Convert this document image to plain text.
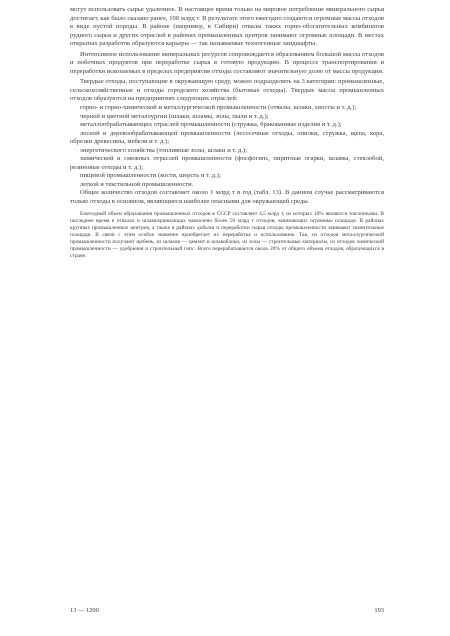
могут использовать сырье удаленное. В настоящее время только на мировое потребление минерального сырья достигает, как было сказано ранее, 100 млрд т. В результате этого ежегодно создаются огромные массы отходов в виде пустой породы. В районе (например, в Сибири) отвалы таких горно-обогатительных комбинатов рудного сырья и других отраслей в районах промышленных центров занимают огромные площади. В местах открытых разработок образуются карьеры — так называемые техногенные ландшафты.

Интенсивное использование минеральных ресурсов сопровождается образованием большой массы отходов и побочных продуктов при переработке сырья в готовую продукцию. В процессе транспортирования и переработки ископаемых в пределах предприятия отходы составляют значительную долю от массы продукции.

Твердые отходы, поступающие в окружающую среду, можно подразделить на 3 категории: промышленные, сельскохозяйственные и отходы городского хозяйства (бытовые отходы). Твердые массы промышленных отходов образуются на предприятиях следующих отраслей:

горно- и горно-химической и металлургической промышленности (отвалы, шлаки, хвосты и т. д.);

черной и цветной металлургии (шлаки, шламы, золы, пыли и т. д.);

металлообрабатывающих отраслей промышленности (стружка, бракованные изделия и т. д.);

лесной и деревообрабатывающей промышленности (лесосечные отходы, опилки, стружка, щепа, кора, обрезки древесины, мебели и т. д.);

энергетического хозяйства (топливные золы, шлаки и т. д.);

химической и смежных отраслей промышленности (фосфогипс, пиритные огарки, шламы, стеклобой, резиновые отходы и т. д.);

пищевой промышленности (кости, шерсть и т. д.);

легкой и текстильной промышленности.

Общее количество отходов составляет около 1 млрд т в год (табл. 13). В данном случае рассматриваются только отходы в основном, являющиеся наиболее опасными для окружающей среды.

Ежегодный объем образования промышленных отходов в СССР составляет 4,5 млрд т, из которых 10% являются токсичными. В последнее время в отвалах и шламохранилищах накоплено более 50 млрд т отходов, занимающих огромные площади. В районах крупных промышленных центров, а также в районах добычи и переработки сырья отходы промышленности занимают значительные площади. В связи с этим особое значение приобретает их переработка и использование. Так, из отходов металлургической промышленности получают щебень, из шлаков — цемент и шлакоблоки, из золы — строительные материалы, из отходов химической промышленности — удобрения и строительный гипс. Всего перерабатывается около 20% от общего объема отходов, образующихся в стране.

13 — 1200	193
